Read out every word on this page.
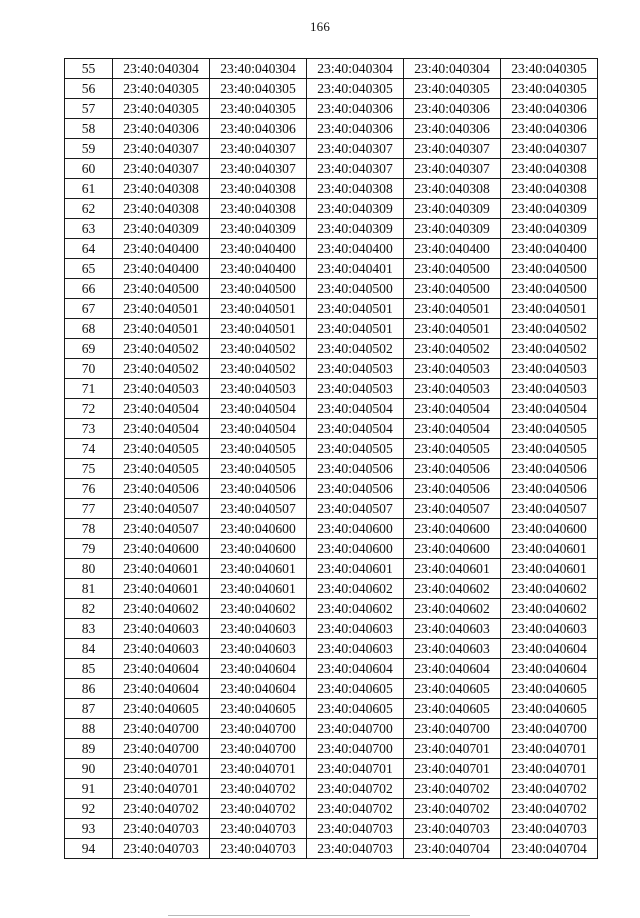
166
55	23:40:040304	23:40:040304	23:40:040304	23:40:040304	23:40:040305
56	23:40:040305	23:40:040305	23:40:040305	23:40:040305	23:40:040305
57	23:40:040305	23:40:040305	23:40:040306	23:40:040306	23:40:040306
58	23:40:040306	23:40:040306	23:40:040306	23:40:040306	23:40:040306
59	23:40:040307	23:40:040307	23:40:040307	23:40:040307	23:40:040307
60	23:40:040307	23:40:040307	23:40:040307	23:40:040307	23:40:040308
61	23:40:040308	23:40:040308	23:40:040308	23:40:040308	23:40:040308
62	23:40:040308	23:40:040308	23:40:040309	23:40:040309	23:40:040309
63	23:40:040309	23:40:040309	23:40:040309	23:40:040309	23:40:040309
64	23:40:040400	23:40:040400	23:40:040400	23:40:040400	23:40:040400
65	23:40:040400	23:40:040400	23:40:040401	23:40:040500	23:40:040500
66	23:40:040500	23:40:040500	23:40:040500	23:40:040500	23:40:040500
67	23:40:040501	23:40:040501	23:40:040501	23:40:040501	23:40:040501
68	23:40:040501	23:40:040501	23:40:040501	23:40:040501	23:40:040502
69	23:40:040502	23:40:040502	23:40:040502	23:40:040502	23:40:040502
70	23:40:040502	23:40:040502	23:40:040503	23:40:040503	23:40:040503
71	23:40:040503	23:40:040503	23:40:040503	23:40:040503	23:40:040503
72	23:40:040504	23:40:040504	23:40:040504	23:40:040504	23:40:040504
73	23:40:040504	23:40:040504	23:40:040504	23:40:040504	23:40:040505
74	23:40:040505	23:40:040505	23:40:040505	23:40:040505	23:40:040505
75	23:40:040505	23:40:040505	23:40:040506	23:40:040506	23:40:040506
76	23:40:040506	23:40:040506	23:40:040506	23:40:040506	23:40:040506
77	23:40:040507	23:40:040507	23:40:040507	23:40:040507	23:40:040507
78	23:40:040507	23:40:040600	23:40:040600	23:40:040600	23:40:040600
79	23:40:040600	23:40:040600	23:40:040600	23:40:040600	23:40:040601
80	23:40:040601	23:40:040601	23:40:040601	23:40:040601	23:40:040601
81	23:40:040601	23:40:040601	23:40:040602	23:40:040602	23:40:040602
82	23:40:040602	23:40:040602	23:40:040602	23:40:040602	23:40:040602
83	23:40:040603	23:40:040603	23:40:040603	23:40:040603	23:40:040603
84	23:40:040603	23:40:040603	23:40:040603	23:40:040603	23:40:040604
85	23:40:040604	23:40:040604	23:40:040604	23:40:040604	23:40:040604
86	23:40:040604	23:40:040604	23:40:040605	23:40:040605	23:40:040605
87	23:40:040605	23:40:040605	23:40:040605	23:40:040605	23:40:040605
88	23:40:040700	23:40:040700	23:40:040700	23:40:040700	23:40:040700
89	23:40:040700	23:40:040700	23:40:040700	23:40:040701	23:40:040701
90	23:40:040701	23:40:040701	23:40:040701	23:40:040701	23:40:040701
91	23:40:040701	23:40:040702	23:40:040702	23:40:040702	23:40:040702
92	23:40:040702	23:40:040702	23:40:040702	23:40:040702	23:40:040702
93	23:40:040703	23:40:040703	23:40:040703	23:40:040703	23:40:040703
94	23:40:040703	23:40:040703	23:40:040703	23:40:040704	23:40:040704
